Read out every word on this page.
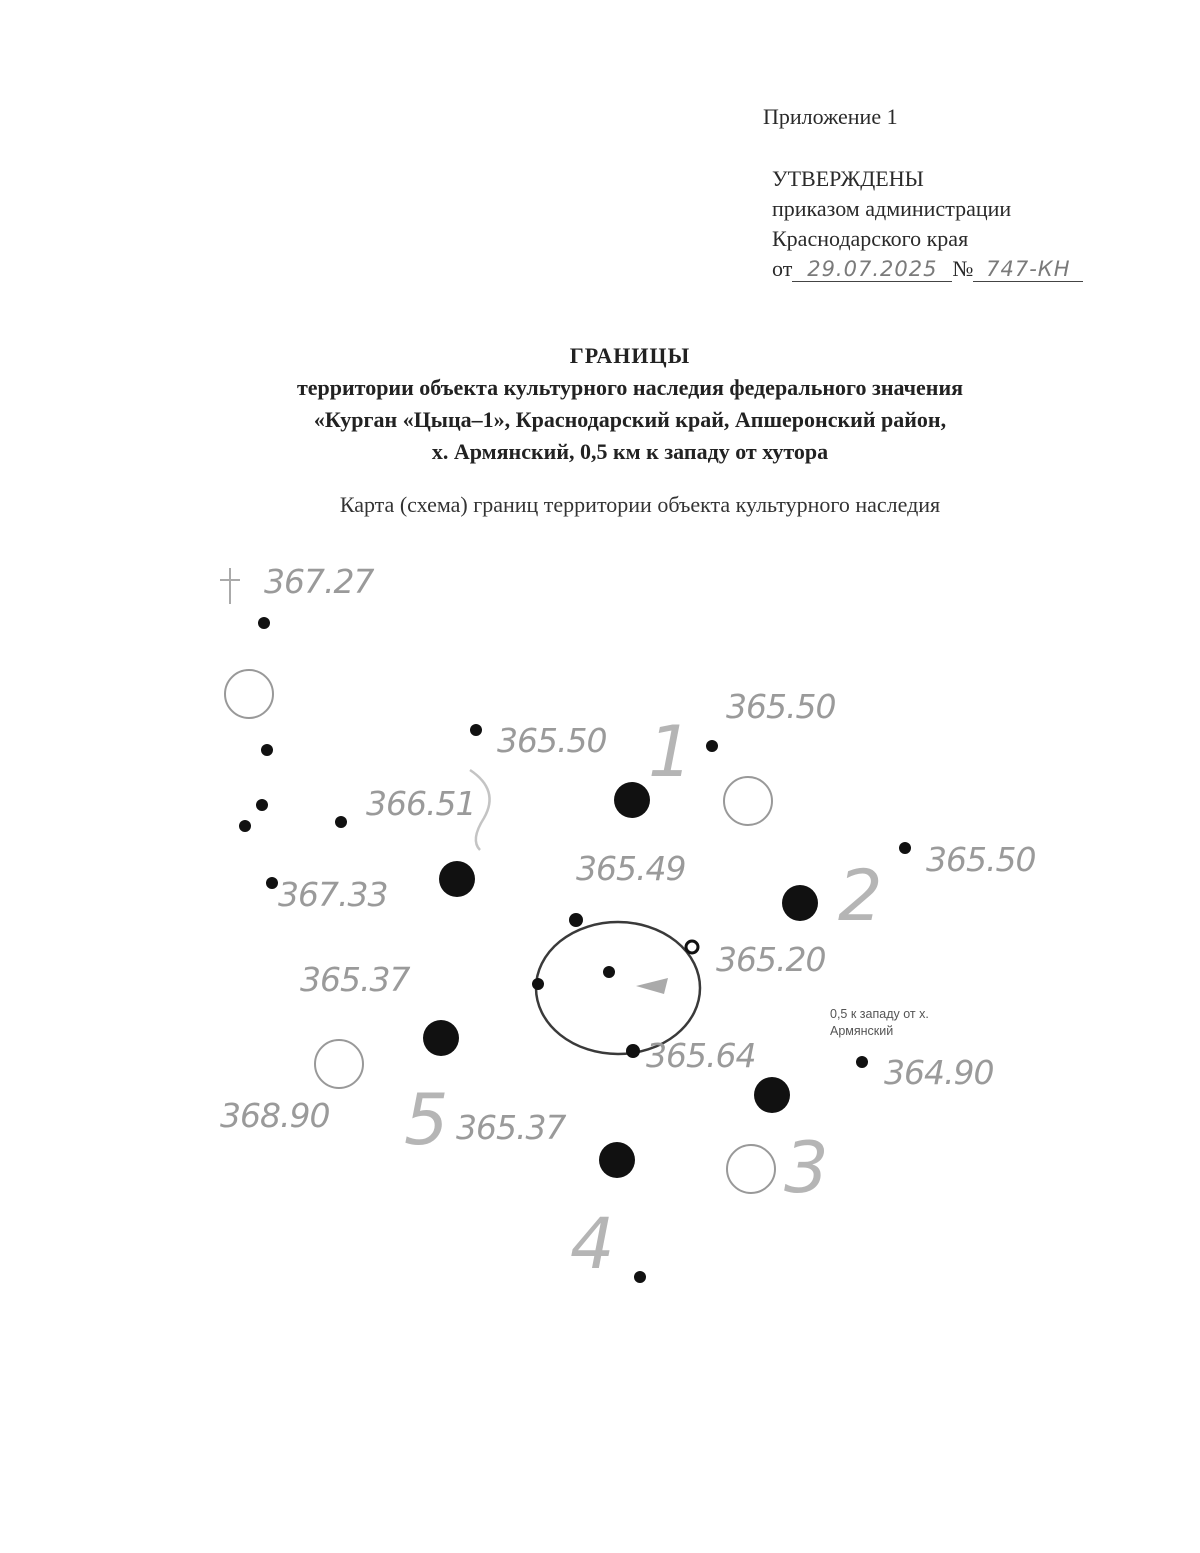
Приложение 1
УТВЕРЖДЕНЫ
приказом администрации
Краснодарского края
от 29.07.2025 № 747-КН
ГРАНИЦЫ
территории объекта культурного наследия федерального значения
«Курган «Цыца–1», Краснодарский край, Апшеронский район,
х. Армянский, 0,5 км к западу от хутора
Карта (схема) границ территории объекта культурного наследия
367.27
365.50
365.50
366.51
365.49	365.50
367.33
365.20
365.37
365.64	364.90
368.90	365.37
1
2
3
4
5
0,5 к западу от х.
Армянский
